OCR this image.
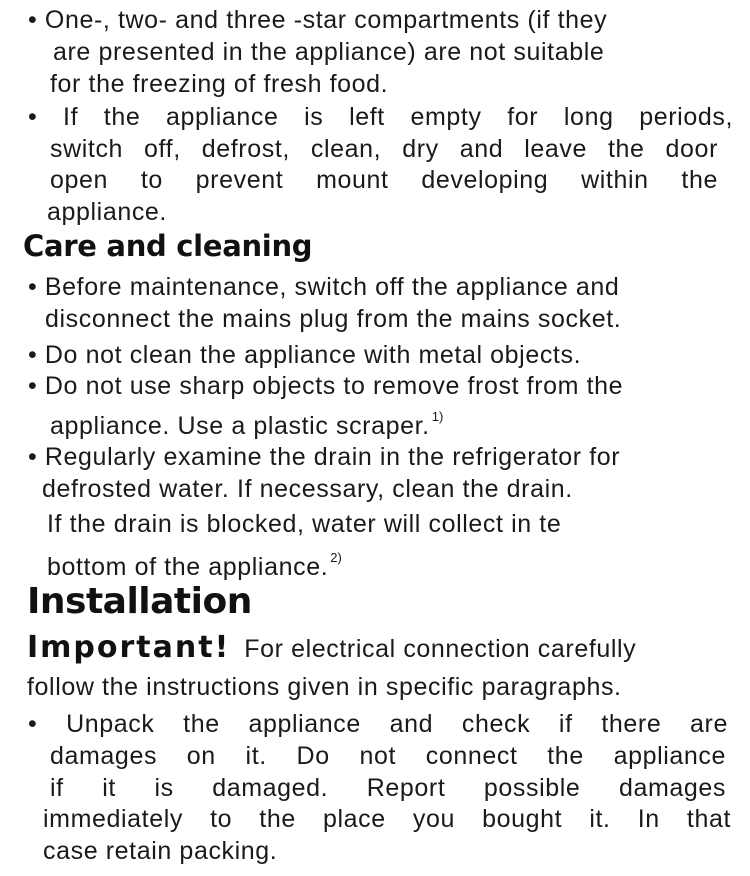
• One-, two- and three -star compartments (if they
are presented in the appliance) are not suitable
for the freezing of fresh food.
• If the appliance is left empty for long periods,
switch off, defrost, clean, dry and leave the door
open to prevent mount developing within the
appliance.
Care and cleaning
• Before maintenance, switch off the appliance and
disconnect the mains plug from the mains socket.
• Do not clean the appliance with metal objects.
• Do not use sharp objects to remove frost from the
appliance. Use a plastic scraper. $^{1)}$
• Regularly examine the drain in the refrigerator for
defrosted water. If necessary, clean the drain.
If the drain is blocked, water will collect in te
bottom of the appliance. $^{2)}$
Installation
Important! For electrical connection carefully
follow the instructions given in specific paragraphs.
• Unpack the appliance and check if there are
damages on it. Do not connect the appliance
if it is damaged. Report possible damages
immediately to the place you bought it. In that
case retain packing.
